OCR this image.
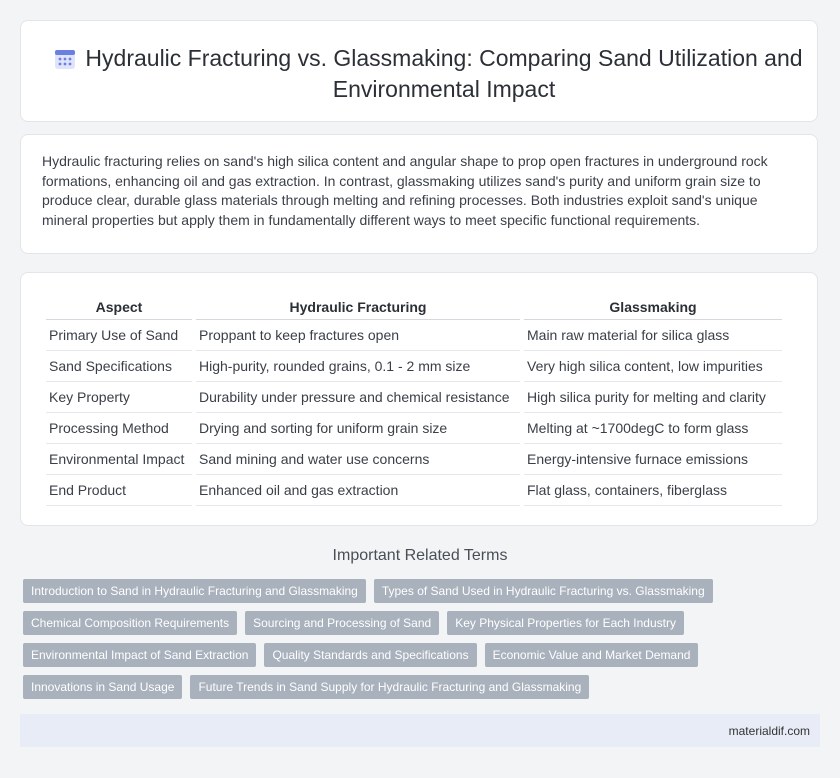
Hydraulic Fracturing vs. Glassmaking: Comparing Sand Utilization and Environmental Impact
Hydraulic fracturing relies on sand's high silica content and angular shape to prop open fractures in underground rock formations, enhancing oil and gas extraction. In contrast, glassmaking utilizes sand's purity and uniform grain size to produce clear, durable glass materials through melting and refining processes. Both industries exploit sand's unique mineral properties but apply them in fundamentally different ways to meet specific functional requirements.
Aspect	Hydraulic Fracturing	Glassmaking
Primary Use of Sand	Proppant to keep fractures open	Main raw material for silica glass
Sand Specifications	High-purity, rounded grains, 0.1 - 2 mm size	Very high silica content, low impurities
Key Property	Durability under pressure and chemical resistance	High silica purity for melting and clarity
Processing Method	Drying and sorting for uniform grain size	Melting at ~1700degC to form glass
Environmental Impact	Sand mining and water use concerns	Energy-intensive furnace emissions
End Product	Enhanced oil and gas extraction	Flat glass, containers, fiberglass
Important Related Terms
Introduction to Sand in Hydraulic Fracturing and Glassmaking	Types of Sand Used in Hydraulic Fracturing vs. Glassmaking
Chemical Composition Requirements	Sourcing and Processing of Sand	Key Physical Properties for Each Industry
Environmental Impact of Sand Extraction	Quality Standards and Specifications	Economic Value and Market Demand
Innovations in Sand Usage	Future Trends in Sand Supply for Hydraulic Fracturing and Glassmaking
materialdif.com
